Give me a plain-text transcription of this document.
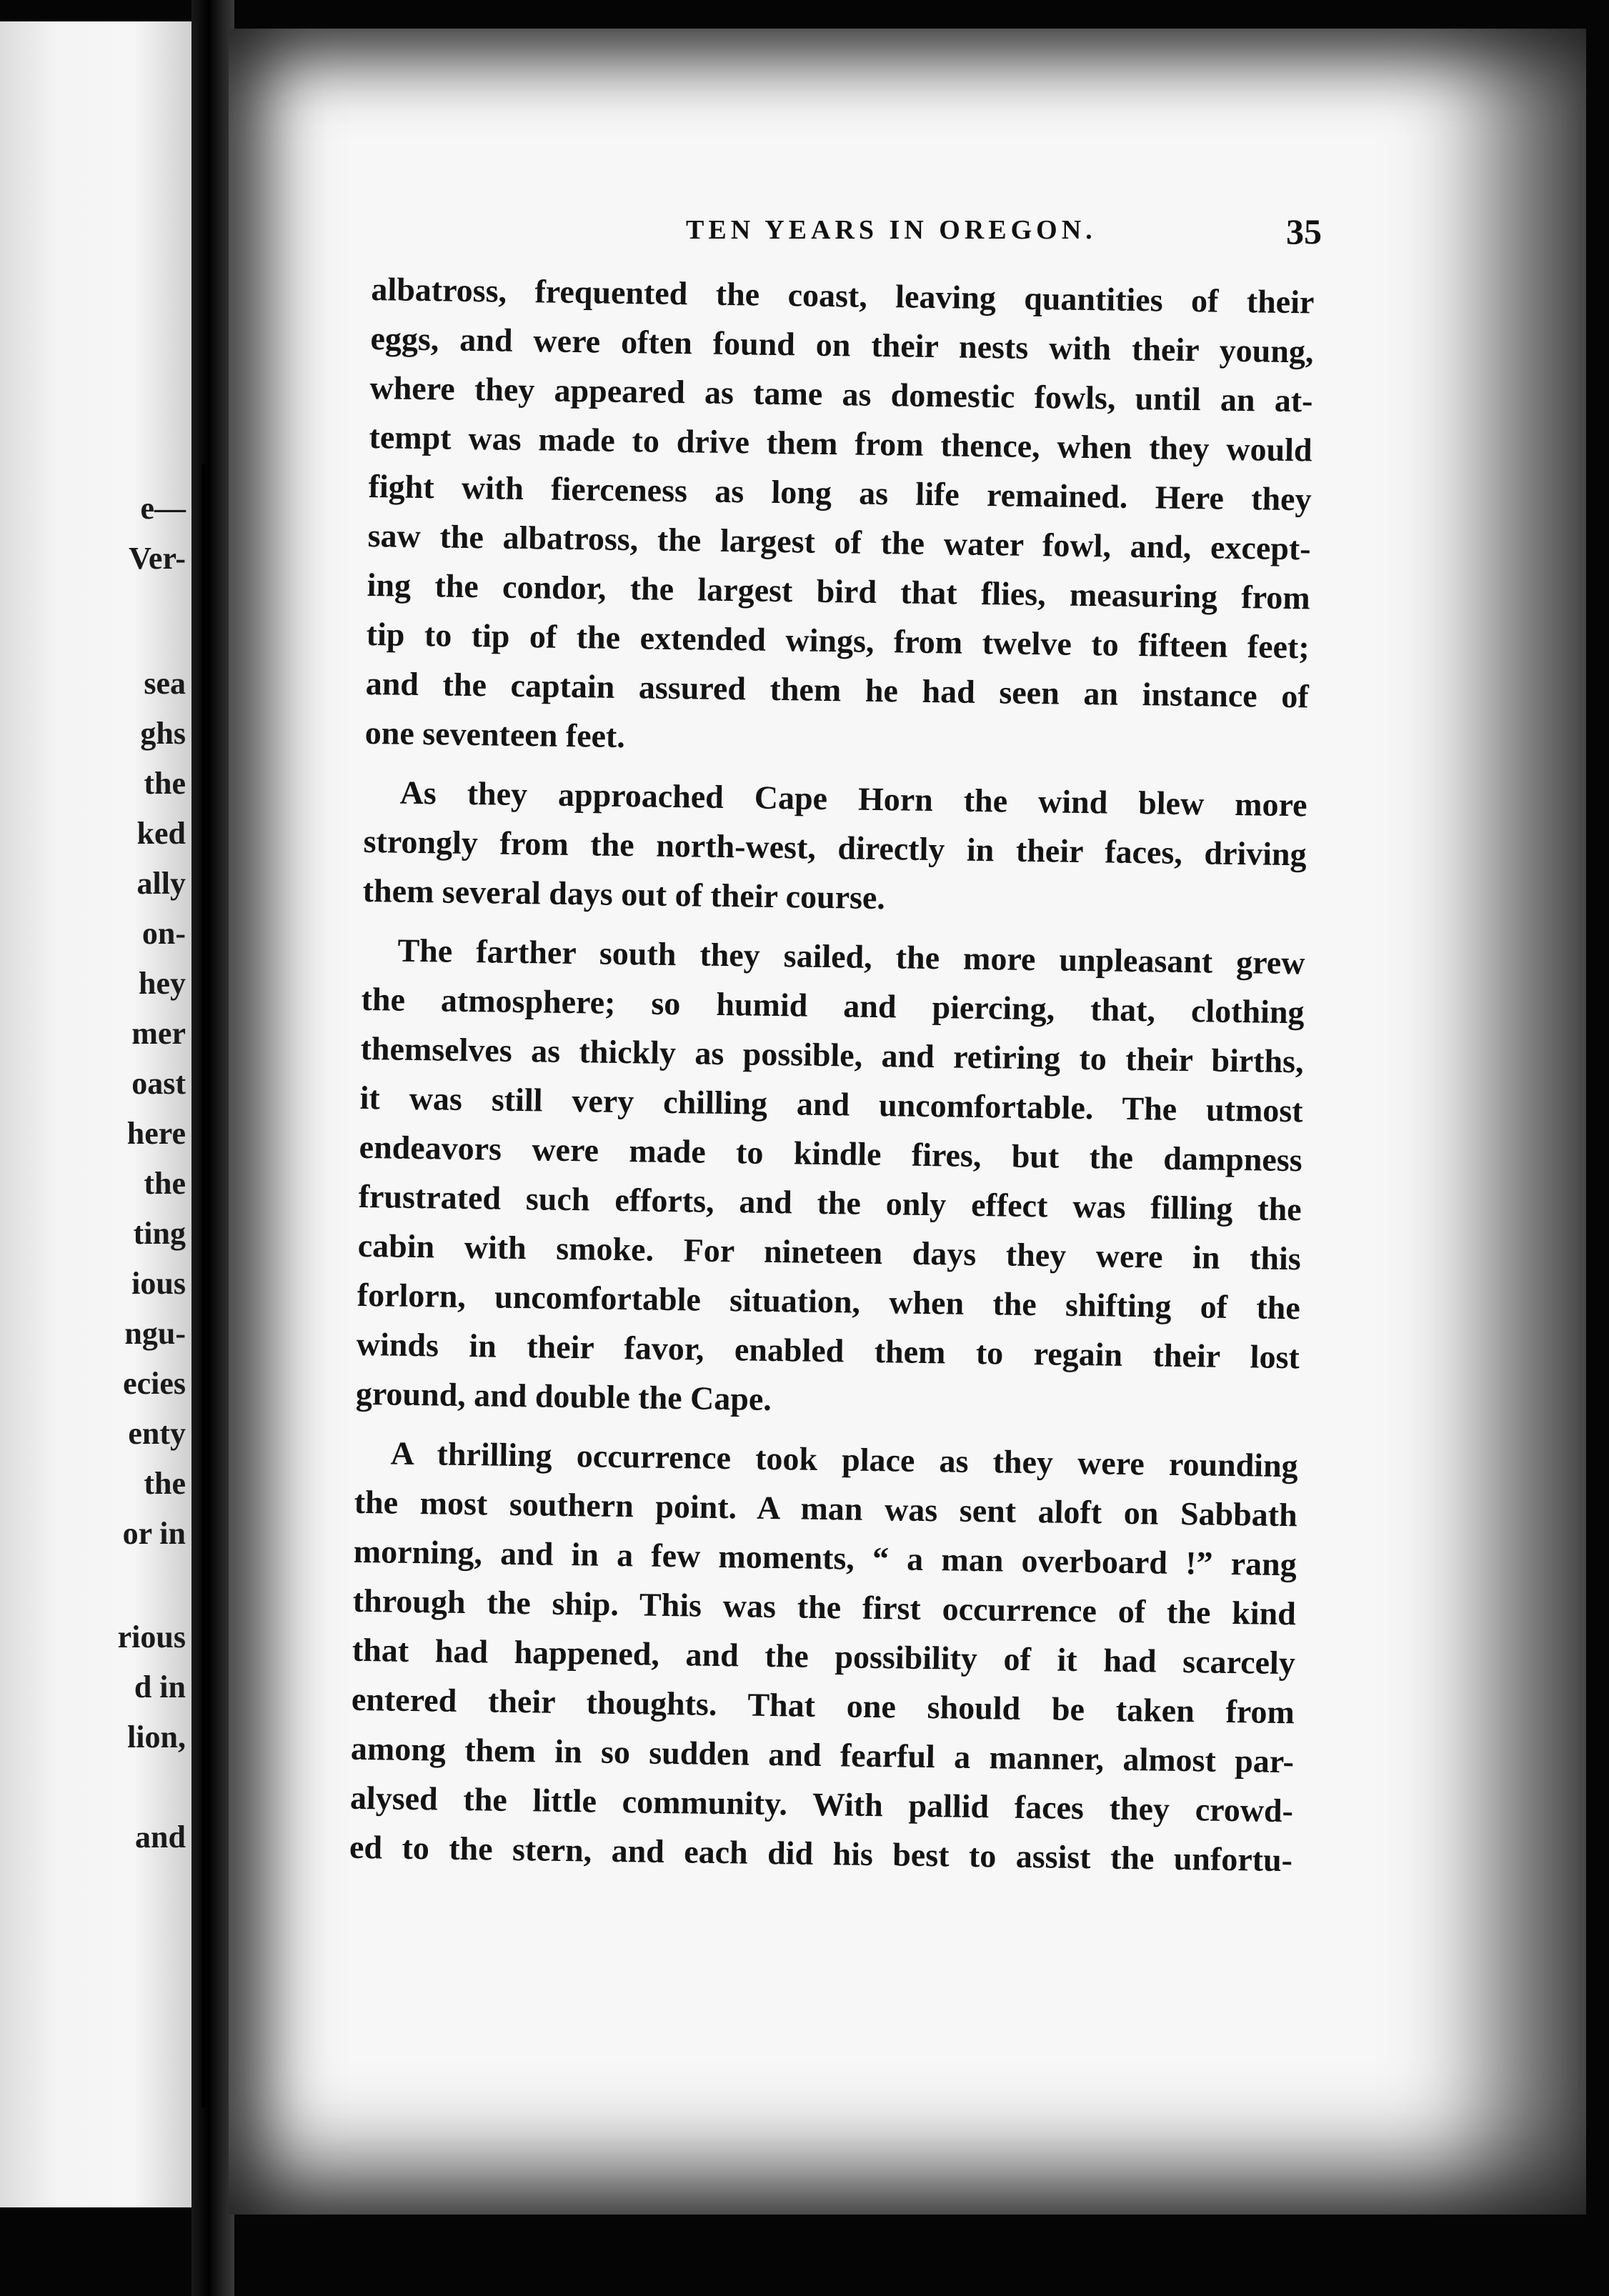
e—
Ver-
sea
ghs
the
ked
ally
on-
hey
mer
oast
here
the
ting
ious
ngu-
ecies
enty
the
or in
rious
d in
lion,
and
TEN YEARS IN OREGON.	35
albatross, frequented the coast, leaving quantities of their
eggs, and were often found on their nests with their young,
where they appeared as tame as domestic fowls, until an at-
tempt was made to drive them from thence, when they would
fight with fierceness as long as life remained. Here they
saw the albatross, the largest of the water fowl, and, except-
ing the condor, the largest bird that flies, measuring from
tip to tip of the extended wings, from twelve to fifteen feet;
and the captain assured them he had seen an instance of
one seventeen feet.
As they approached Cape Horn the wind blew more
strongly from the north-west, directly in their faces, driving
them several days out of their course.
The farther south they sailed, the more unpleasant grew
the atmosphere; so humid and piercing, that, clothing
themselves as thickly as possible, and retiring to their births,
it was still very chilling and uncomfortable. The utmost
endeavors were made to kindle fires, but the dampness
frustrated such efforts, and the only effect was filling the
cabin with smoke. For nineteen days they were in this
forlorn, uncomfortable situation, when the shifting of the
winds in their favor, enabled them to regain their lost
ground, and double the Cape.
A thrilling occurrence took place as they were rounding
the most southern point. A man was sent aloft on Sabbath
morning, and in a few moments, “ a man overboard !” rang
through the ship. This was the first occurrence of the kind
that had happened, and the possibility of it had scarcely
entered their thoughts. That one should be taken from
among them in so sudden and fearful a manner, almost par-
alysed the little community. With pallid faces they crowd-
ed to the stern, and each did his best to assist the unfortu-
